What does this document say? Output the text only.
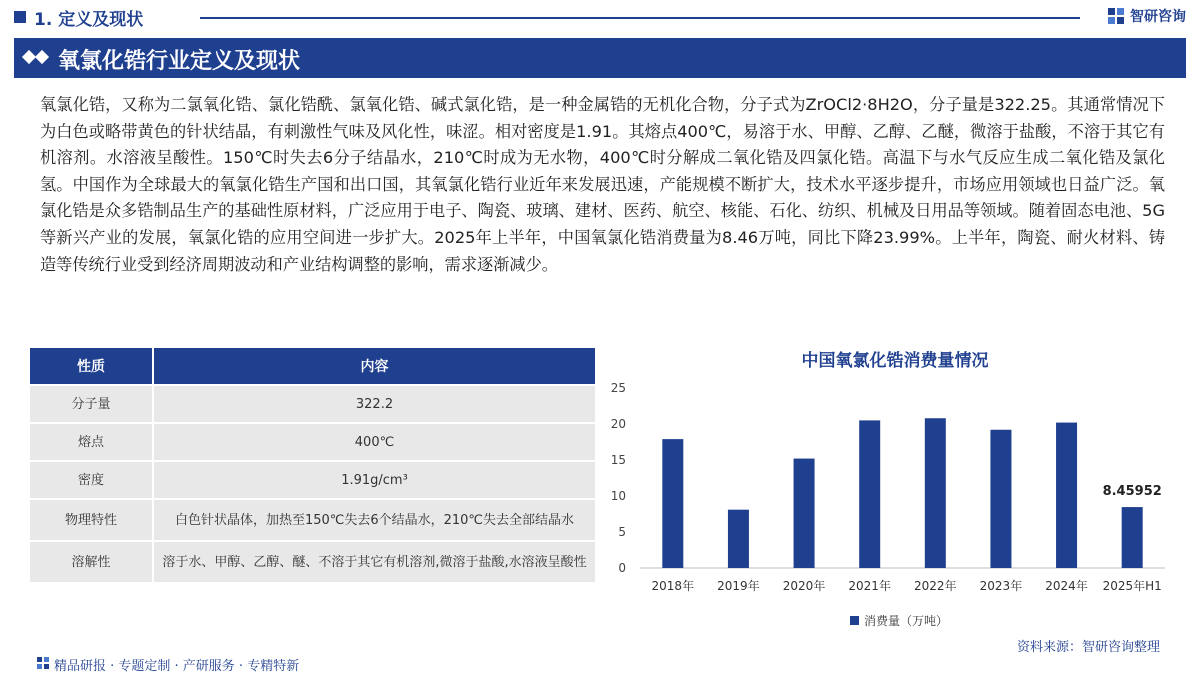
1. 定义及现状	智研咨询
氧氯化锆行业定义及现状
氧氯化锆，又称为二氯氧化锆、氯化锆酰、氯氧化锆、碱式氯化锆，是一种金属锆的无机化合物，分子式为ZrOCl2·8H2O，分子量是322.25。其通常情况下为白色或略带黄色的针状结晶，有刺激性气味及风化性，味涩。相对密度是1.91。其熔点400℃，易溶于水、甲醇、乙醇、乙醚，微溶于盐酸，不溶于其它有机溶剂。水溶液呈酸性。150℃时失去6分子结晶水，210℃时成为无水物，400℃时分解成二氧化锆及四氯化锆。高温下与水气反应生成二氧化锆及氯化氢。中国作为全球最大的氧氯化锆生产国和出口国，其氧氯化锆行业近年来发展迅速，产能规模不断扩大，技术水平逐步提升，市场应用领域也日益广泛。氧氯化锆是众多锆制品生产的基础性原材料，广泛应用于电子、陶瓷、玻璃、建材、医药、航空、核能、石化、纺织、机械及日用品等领域。随着固态电池、5G等新兴产业的发展，氧氯化锆的应用空间进一步扩大。2025年上半年，中国氧氯化锆消费量为8.46万吨，同比下降23.99%。上半年，陶瓷、耐火材料、铸造等传统行业受到经济周期波动和产业结构调整的影响，需求逐渐减少。
性质	内容
分子量	322.2
熔点	400℃
密度	1.91g/cm³
物理特性	白色针状晶体，加热至150℃失去6个结晶水，210℃失去全部结晶水
溶解性	溶于水、甲醇、乙醇、醚、不溶于其它有机溶剂,微溶于盐酸,水溶液呈酸性
中国氧氯化锆消费量情况
0
5
10
15
20
25
2018年 2019年 2020年 2021年 2022年 2023年 2024年 2025年H1
8.45952
消费量（万吨）
资料来源：智研咨询整理
精品研报 · 专题定制 · 产研服务 · 专精特新
